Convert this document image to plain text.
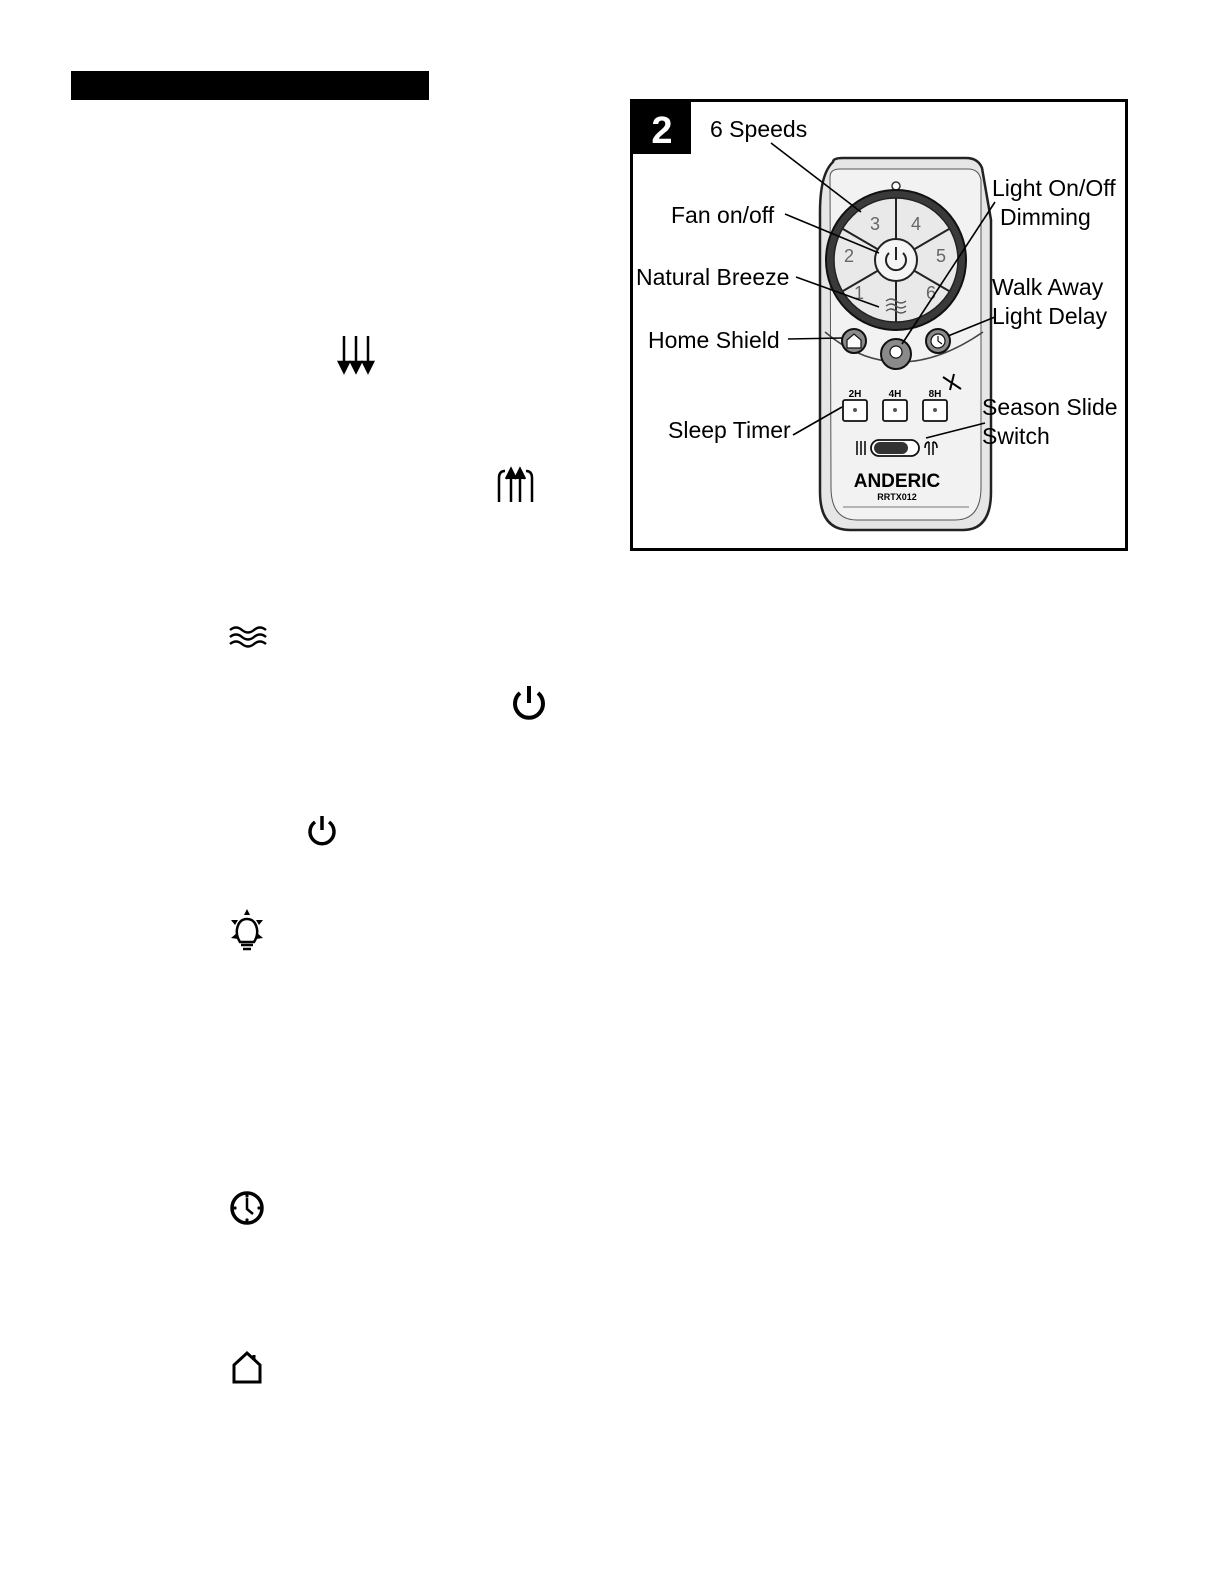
2
3 4
5
6
1
2
2H	4H	8H
ANDERIC
RRTX012
6 Speeds
Fan on/off
Natural Breeze
Home Shield
Sleep Timer
Light On/Off
Dimming
Walk Away
Light Delay
Season Slide
Switch
